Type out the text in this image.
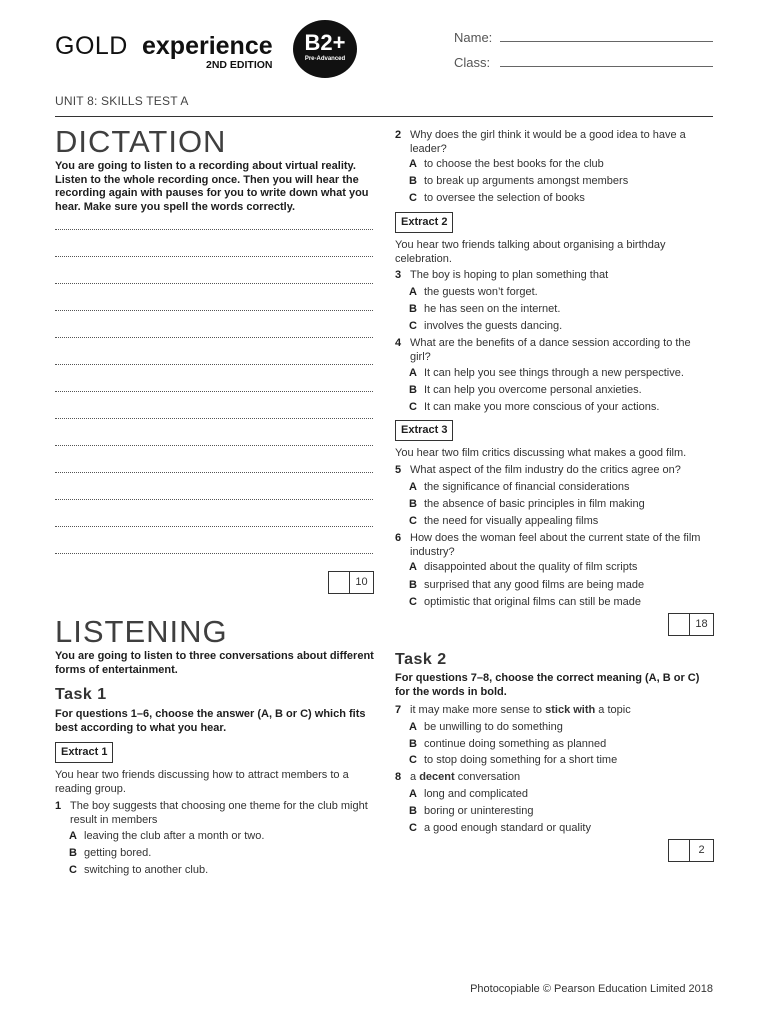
GOLD experience
2ND EDITION
B2+
Pre-Advanced
Name:
Class:
UNIT 8: SKILLS TEST A
DICTATION
You are going to listen to a recording about virtual reality. Listen to the whole recording once. Then you will hear the recording again with pauses for you to write down what you hear. Make sure you spell the words correctly.
10
LISTENING
You are going to listen to three conversations about different forms of entertainment.
Task 1
For questions 1–6, choose the answer (A, B or C) which fits best according to what you hear.
Extract 1
You hear two friends discussing how to attract members to a reading group.
1 The boy suggests that choosing one theme for the club might result in members
A leaving the club after a month or two.
B getting bored.
C switching to another club.
2 Why does the girl think it would be a good idea to have a leader?
A to choose the best books for the club
B to break up arguments amongst members
C to oversee the selection of books
Extract 2
You hear two friends talking about organising a birthday celebration.
3 The boy is hoping to plan something that
A the guests won’t forget.
B he has seen on the internet.
C involves the guests dancing.
4 What are the benefits of a dance session according to the girl?
A It can help you see things through a new perspective.
B It can help you overcome personal anxieties.
C It can make you more conscious of your actions.
Extract 3
You hear two film critics discussing what makes a good film.
5 What aspect of the film industry do the critics agree on?
A the significance of financial considerations
B the absence of basic principles in film making
C the need for visually appealing films
6 How does the woman feel about the current state of the film industry?
A disappointed about the quality of film scripts
B surprised that any good films are being made
C optimistic that original films can still be made
18
Task 2
For questions 7–8, choose the correct meaning (A, B or C) for the words in bold.
7 it may make more sense to stick with a topic
A be unwilling to do something
B continue doing something as planned
C to stop doing something for a short time
8 a decent conversation
A long and complicated
B boring or uninteresting
C a good enough standard or quality
2
Photocopiable © Pearson Education Limited 2018
